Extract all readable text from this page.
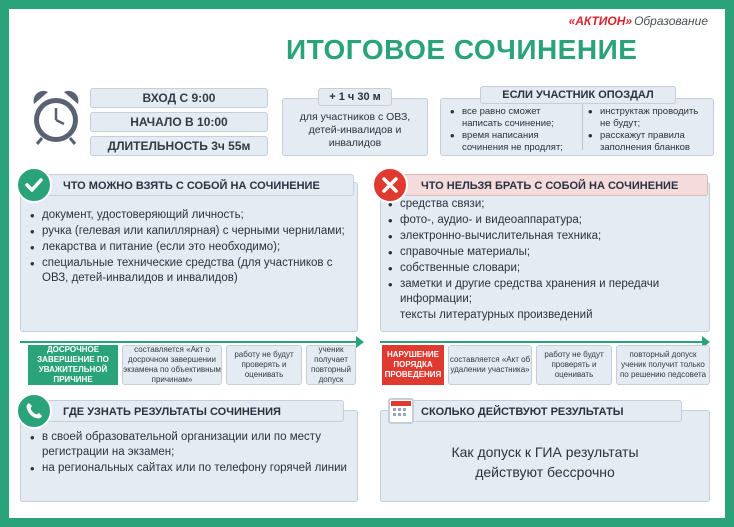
«АКТИОН» Образование
ИТОГОВОЕ СОЧИНЕНИЕ
ВХОД С 9:00
НАЧАЛО В 10:00
ДЛИТЕЛЬНОСТЬ 3ч 55м
+ 1 ч 30 м
для участников с ОВЗ, детей-инвалидов и инвалидов
ЕСЛИ УЧАСТНИК ОПОЗДАЛ
• все равно сможет написать сочинение;
• время написания сочинения не продлят;
• инструктаж проводить не будут;
• расскажут правила заполнения бланков
ЧТО МОЖНО ВЗЯТЬ С СОБОЙ НА СОЧИНЕНИЕ
• документ, удостоверяющий личность;
• ручка (гелевая или капиллярная) с черными чернилами;
• лекарства и питание (если это необходимо);
• специальные технические средства (для участников с ОВЗ, детей-инвалидов и инвалидов)
ДОСРОЧНОЕ ЗАВЕРШЕНИЕ ПО УВАЖИТЕЛЬНОЙ ПРИЧИНЕ
составляется «Акт о досрочном завершении экзамена по объективным причинам»
работу не будут проверять и оценивать
ученик получает повторный допуск
ЧТО НЕЛЬЗЯ БРАТЬ С СОБОЙ НА СОЧИНЕНИЕ
• средства связи;
• фото-, аудио- и видеоаппаратура;
• электронно-вычислительная техника;
• справочные материалы;
• собственные словари;
• заметки и другие средства хранения и передачи информации;
тексты литературных произведений
НАРУШЕНИЕ ПОРЯДКА ПРОВЕДЕНИЯ
составляется «Акт об удалении участника»
работу не будут проверять и оценивать
повторный допуск ученик получит только по решению педсовета
ГДЕ УЗНАТЬ РЕЗУЛЬТАТЫ СОЧИНЕНИЯ
• в своей образовательной организации или по месту регистрации на экзамен;
• на региональных сайтах или по телефону горячей линии
СКОЛЬКО ДЕЙСТВУЮТ РЕЗУЛЬТАТЫ
Как допуск к ГИА результаты действуют бессрочно
